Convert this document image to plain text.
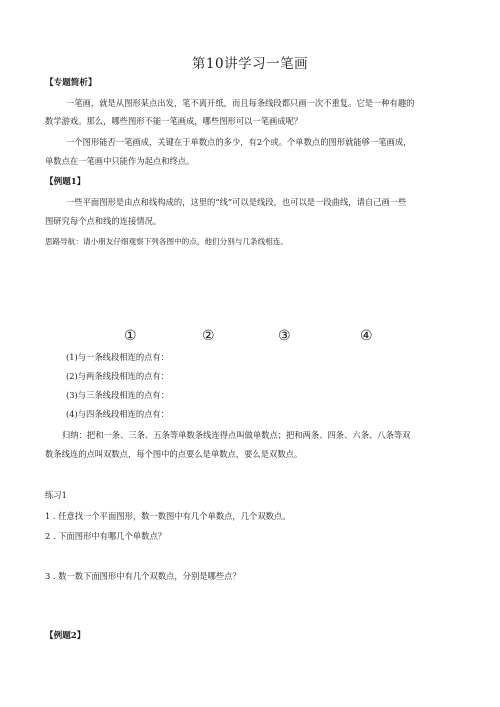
第10讲学习一笔画
【专题简析】
一笔画，就是从图形某点出发，笔不离开纸，而且每条线段都只画一次不重复。它是一种有趣的
数学游戏。那么，哪些图形不能一笔画成，哪些图形可以一笔画成呢？
一个图形能否一笔画成，关键在于单数点的多少，有2个或。个单数点的图形就能够一笔画成，
单数点在一笔画中只能作为起点和终点。
【例题1】
一些平面图形是由点和线构成的，这里的“线”可以是线段，也可以是一段曲线，请自己画一些
图研究每个点和线的连接情况。
思路导航：请小朋友仔细观察下列各图中的点，他们分别与几条线相连。
①	②	③	④
(1)与一条线段相连的点有：
(2)与两条线段相连的点有：
(3)与三条线段相连的点有：
(4)与四条线段相连的点有：
归纳：把和一条、三条、五条等单数条线连得点叫做单数点；把和两条、四条、六条、八条等双
数条线连的点叫双数点，每个图中的点要么是单数点，要么是双数点。
练习1
1 . 任意找一个平面图形，数一数图中有几个单数点，几个双数点。
2 . 下面图形中有哪几个单数点？
3 . 数一数下面图形中有几个双数点，分别是哪些点？
【例题2】
